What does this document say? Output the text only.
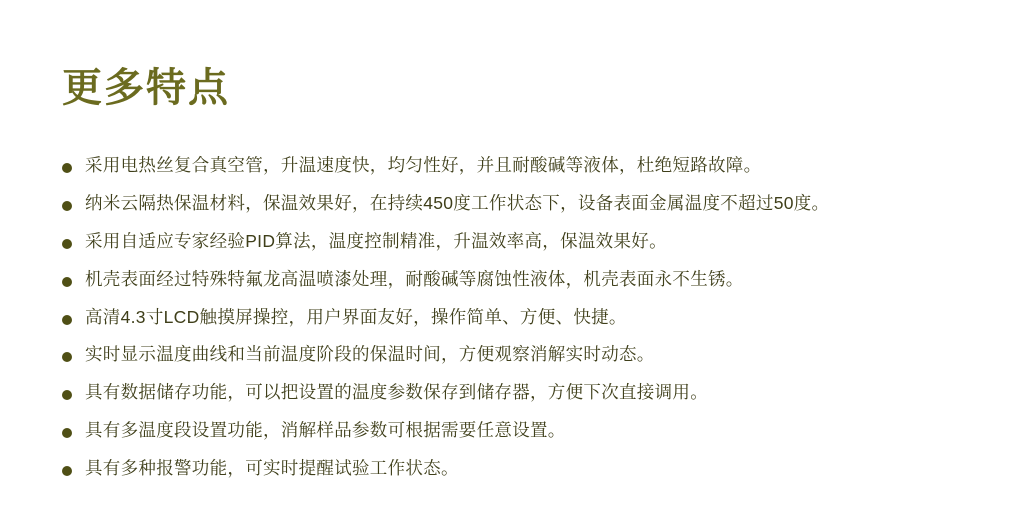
更多特点
采用电热丝复合真空管，升温速度快，均匀性好，并且耐酸碱等液体，杜绝短路故障。
纳米云隔热保温材料，保温效果好，在持续450度工作状态下，设备表面金属温度不超过50度。
采用自适应专家经验PID算法，温度控制精准，升温效率高，保温效果好。
机壳表面经过特殊特氟龙高温喷漆处理，耐酸碱等腐蚀性液体，机壳表面永不生锈。
高清4.3寸LCD触摸屏操控，用户界面友好，操作简单、方便、快捷。
实时显示温度曲线和当前温度阶段的保温时间，方便观察消解实时动态。
具有数据储存功能，可以把设置的温度参数保存到储存器，方便下次直接调用。
具有多温度段设置功能，消解样品参数可根据需要任意设置。
具有多种报警功能，可实时提醒试验工作状态。
